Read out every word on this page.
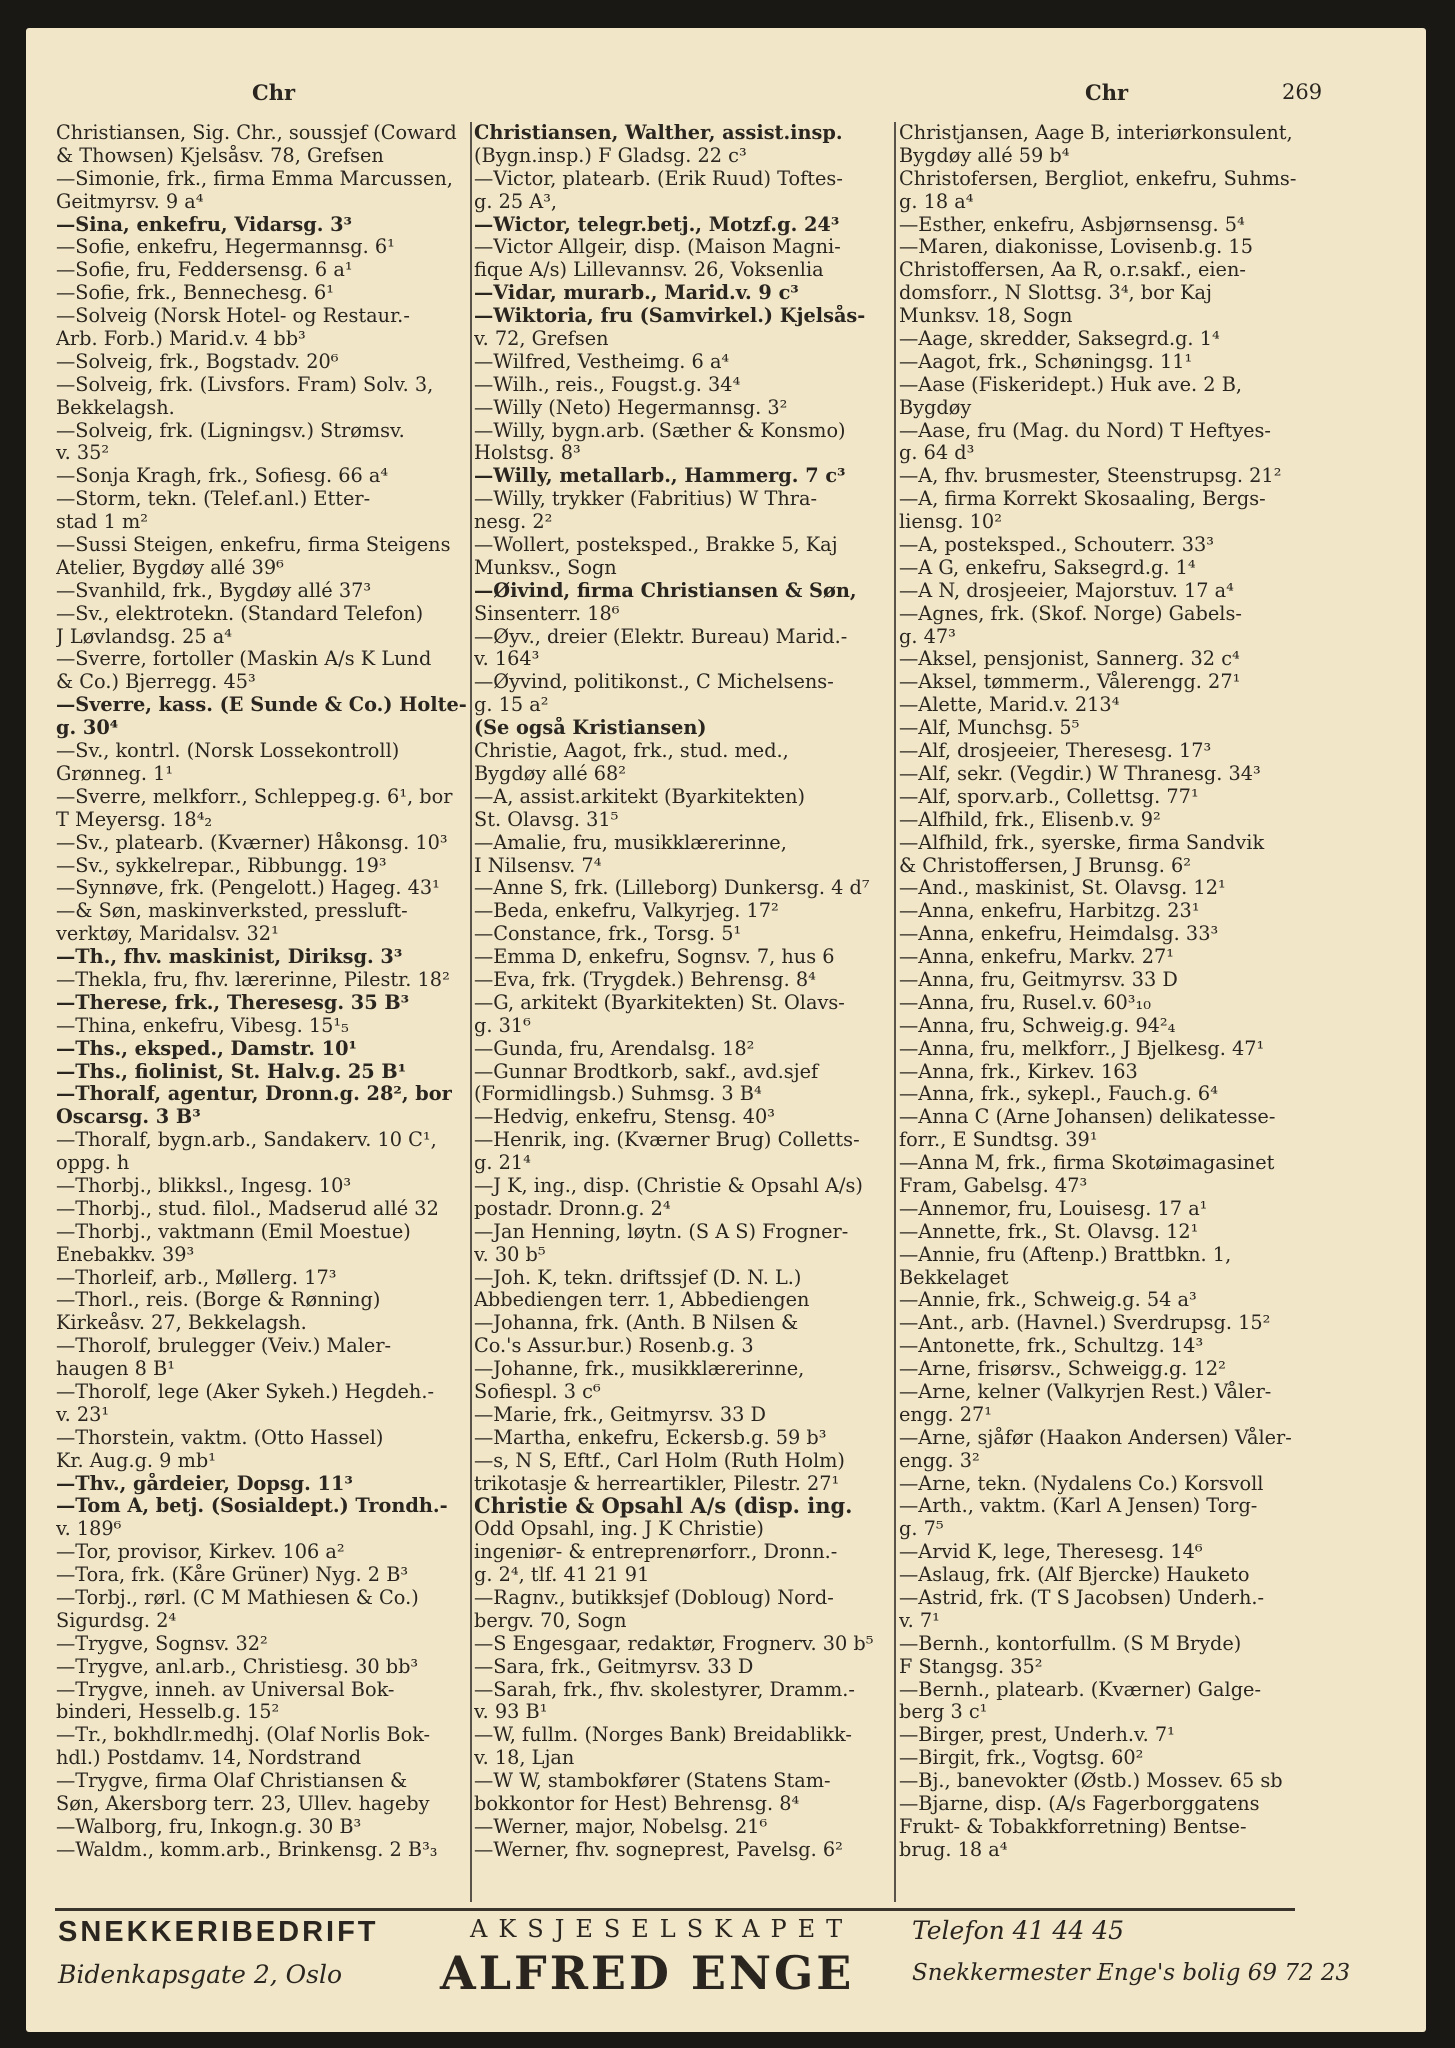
Chr	Chr	269
Christiansen, Sig. Chr., soussjef (Coward
& Thowsen) Kjelsåsv. 78, Grefsen
—Simonie, frk., firma Emma Marcussen,
Geitmyrsv. 9 a⁴
—Sina, enkefru, Vidarsg. 3³
—Sofie, enkefru, Hegermannsg. 6¹
—Sofie, fru, Feddersensg. 6 a¹
—Sofie, frk., Bennechesg. 6¹
—Solveig (Norsk Hotel- og Restaur.-
Arb. Forb.) Marid.v. 4 bb³
—Solveig, frk., Bogstadv. 20⁶
—Solveig, frk. (Livsfors. Fram) Solv. 3,
Bekkelagsh.
—Solveig, frk. (Ligningsv.) Strømsv.
v. 35²
—Sonja Kragh, frk., Sofiesg. 66 a⁴
—Storm, tekn. (Telef.anl.) Etter-
stad 1 m²
—Sussi Steigen, enkefru, firma Steigens
Atelier, Bygdøy allé 39⁶
—Svanhild, frk., Bygdøy allé 37³
—Sv., elektrotekn. (Standard Telefon)
J Løvlandsg. 25 a⁴
—Sverre, fortoller (Maskin A/s K Lund
& Co.) Bjerregg. 45³
—Sverre, kass. (E Sunde & Co.) Holte-
g. 30⁴
—Sv., kontrl. (Norsk Lossekontroll)
Grønneg. 1¹
—Sverre, melkforr., Schleppeg.g. 6¹, bor
T Meyersg. 18⁴₂
—Sv., platearb. (Kværner) Håkonsg. 10³
—Sv., sykkelrepar., Ribbungg. 19³
—Synnøve, frk. (Pengelott.) Hageg. 43¹
—& Søn, maskinverksted, pressluft-
verktøy, Maridalsv. 32¹
—Th., fhv. maskinist, Diriksg. 3³
—Thekla, fru, fhv. lærerinne, Pilestr. 18²
—Therese, frk., Theresesg. 35 B³
—Thina, enkefru, Vibesg. 15¹₅
—Ths., eksped., Damstr. 10¹
—Ths., fiolinist, St. Halv.g. 25 B¹
—Thoralf, agentur, Dronn.g. 28², bor
Oscarsg. 3 B³
—Thoralf, bygn.arb., Sandakerv. 10 C¹,
oppg. h
—Thorbj., blikksl., Ingesg. 10³
—Thorbj., stud. filol., Madserud allé 32
—Thorbj., vaktmann (Emil Moestue)
Enebakkv. 39³
—Thorleif, arb., Møllerg. 17³
—Thorl., reis. (Borge & Rønning)
Kirkeåsv. 27, Bekkelagsh.
—Thorolf, brulegger (Veiv.) Maler-
haugen 8 B¹
—Thorolf, lege (Aker Sykeh.) Hegdeh.-
v. 23¹
—Thorstein, vaktm. (Otto Hassel)
Kr. Aug.g. 9 mb¹
—Thv., gårdeier, Dopsg. 11³
—Tom A, betj. (Sosialdept.) Trondh.-
v. 189⁶
—Tor, provisor, Kirkev. 106 a²
—Tora, frk. (Kåre Grüner) Nyg. 2 B³
—Torbj., rørl. (C M Mathiesen & Co.)
Sigurdsg. 2⁴
—Trygve, Sognsv. 32²
—Trygve, anl.arb., Christiesg. 30 bb³
—Trygve, inneh. av Universal Bok-
binderi, Hesselb.g. 15²
—Tr., bokhdlr.medhj. (Olaf Norlis Bok-
hdl.) Postdamv. 14, Nordstrand
—Trygve, firma Olaf Christiansen &
Søn, Akersborg terr. 23, Ullev. hageby
—Walborg, fru, Inkogn.g. 30 B³
—Waldm., komm.arb., Brinkensg. 2 B³₃
Christiansen, Walther, assist.insp.
(Bygn.insp.) F Gladsg. 22 c³
—Victor, platearb. (Erik Ruud) Toftes-
g. 25 A³,
—Wictor, telegr.betj., Motzf.g. 24³
—Victor Allgeir, disp. (Maison Magni-
fique A/s) Lillevannsv. 26, Voksenlia
—Vidar, murarb., Marid.v. 9 c³
—Wiktoria, fru (Samvirkel.) Kjelsås-
v. 72, Grefsen
—Wilfred, Vestheimg. 6 a⁴
—Wilh., reis., Fougst.g. 34⁴
—Willy (Neto) Hegermannsg. 3²
—Willy, bygn.arb. (Sæther & Konsmo)
Holstsg. 8³
—Willy, metallarb., Hammerg. 7 c³
—Willy, trykker (Fabritius) W Thra-
nesg. 2²
—Wollert, posteksped., Brakke 5, Kaj
Munksv., Sogn
—Øivind, firma Christiansen & Søn,
Sinsenterr. 18⁶
—Øyv., dreier (Elektr. Bureau) Marid.-
v. 164³
—Øyvind, politikonst., C Michelsens-
g. 15 a²
(Se også Kristiansen)
Christie, Aagot, frk., stud. med.,
Bygdøy allé 68²
—A, assist.arkitekt (Byarkitekten)
St. Olavsg. 31⁵
—Amalie, fru, musikklærerinne,
I Nilsensv. 7⁴
—Anne S, frk. (Lilleborg) Dunkersg. 4 d⁷
—Beda, enkefru, Valkyrjeg. 17²
—Constance, frk., Torsg. 5¹
—Emma D, enkefru, Sognsv. 7, hus 6
—Eva, frk. (Trygdek.) Behrensg. 8⁴
—G, arkitekt (Byarkitekten) St. Olavs-
g. 31⁶
—Gunda, fru, Arendalsg. 18²
—Gunnar Brodtkorb, sakf., avd.sjef
(Formidlingsb.) Suhmsg. 3 B⁴
—Hedvig, enkefru, Stensg. 40³
—Henrik, ing. (Kværner Brug) Colletts-
g. 21⁴
—J K, ing., disp. (Christie & Opsahl A/s)
postadr. Dronn.g. 2⁴
—Jan Henning, løytn. (S A S) Frogner-
v. 30 b⁵
—Joh. K, tekn. driftssjef (D. N. L.)
Abbediengen terr. 1, Abbediengen
—Johanna, frk. (Anth. B Nilsen &
Co.'s Assur.bur.) Rosenb.g. 3
—Johanne, frk., musikklærerinne,
Sofiespl. 3 c⁶
—Marie, frk., Geitmyrsv. 33 D
—Martha, enkefru, Eckersb.g. 59 b³
—s, N S, Eftf., Carl Holm (Ruth Holm)
trikotasje & herreartikler, Pilestr. 27¹
Christie & Opsahl A/s (disp. ing.
Odd Opsahl, ing. J K Christie)
ingeniør- & entreprenørforr., Dronn.-
g. 2⁴, tlf. 41 21 91
—Ragnv., butikksjef (Dobloug) Nord-
bergv. 70, Sogn
—S Engesgaar, redaktør, Frognerv. 30 b⁵
—Sara, frk., Geitmyrsv. 33 D
—Sarah, frk., fhv. skolestyrer, Dramm.-
v. 93 B¹
—W, fullm. (Norges Bank) Breidablikk-
v. 18, Ljan
—W W, stambokfører (Statens Stam-
bokkontor for Hest) Behrensg. 8⁴
—Werner, major, Nobelsg. 21⁶
—Werner, fhv. sogneprest, Pavelsg. 6²
Christjansen, Aage B, interiørkonsulent,
Bygdøy allé 59 b⁴
Christofersen, Bergliot, enkefru, Suhms-
g. 18 a⁴
—Esther, enkefru, Asbjørnsensg. 5⁴
—Maren, diakonisse, Lovisenb.g. 15
Christoffersen, Aa R, o.r.sakf., eien-
domsforr., N Slottsg. 3⁴, bor Kaj
Munksv. 18, Sogn
—Aage, skredder, Saksegrd.g. 1⁴
—Aagot, frk., Schøningsg. 11¹
—Aase (Fiskeridept.) Huk ave. 2 B,
Bygdøy
—Aase, fru (Mag. du Nord) T Heftyes-
g. 64 d³
—A, fhv. brusmester, Steenstrupsg. 21²
—A, firma Korrekt Skosaaling, Bergs-
liensg. 10²
—A, posteksped., Schouterr. 33³
—A G, enkefru, Saksegrd.g. 1⁴
—A N, drosjeeier, Majorstuv. 17 a⁴
—Agnes, frk. (Skof. Norge) Gabels-
g. 47³
—Aksel, pensjonist, Sannerg. 32 c⁴
—Aksel, tømmerm., Vålerengg. 27¹
—Alette, Marid.v. 213⁴
—Alf, Munchsg. 5⁵
—Alf, drosjeeier, Theresesg. 17³
—Alf, sekr. (Vegdir.) W Thranesg. 34³
—Alf, sporv.arb., Collettsg. 77¹
—Alfhild, frk., Elisenb.v. 9²
—Alfhild, frk., syerske, firma Sandvik
& Christoffersen, J Brunsg. 6²
—And., maskinist, St. Olavsg. 12¹
—Anna, enkefru, Harbitzg. 23¹
—Anna, enkefru, Heimdalsg. 33³
—Anna, enkefru, Markv. 27¹
—Anna, fru, Geitmyrsv. 33 D
—Anna, fru, Rusel.v. 60³₁₀
—Anna, fru, Schweig.g. 94²₄
—Anna, fru, melkforr., J Bjelkesg. 47¹
—Anna, frk., Kirkev. 163
—Anna, frk., sykepl., Fauch.g. 6⁴
—Anna C (Arne Johansen) delikatesse-
forr., E Sundtsg. 39¹
—Anna M, frk., firma Skotøimagasinet
Fram, Gabelsg. 47³
—Annemor, fru, Louisesg. 17 a¹
—Annette, frk., St. Olavsg. 12¹
—Annie, fru (Aftenp.) Brattbkn. 1,
Bekkelaget
—Annie, frk., Schweig.g. 54 a³
—Ant., arb. (Havnel.) Sverdrupsg. 15²
—Antonette, frk., Schultzg. 14³
—Arne, frisørsv., Schweigg.g. 12²
—Arne, kelner (Valkyrjen Rest.) Våler-
engg. 27¹
—Arne, sjåfør (Haakon Andersen) Våler-
engg. 3²
—Arne, tekn. (Nydalens Co.) Korsvoll
—Arth., vaktm. (Karl A Jensen) Torg-
g. 7⁵
—Arvid K, lege, Theresesg. 14⁶
—Aslaug, frk. (Alf Bjercke) Hauketo
—Astrid, frk. (T S Jacobsen) Underh.-
v. 7¹
—Bernh., kontorfullm. (S M Bryde)
F Stangsg. 35²
—Bernh., platearb. (Kværner) Galge-
berg 3 c¹
—Birger, prest, Underh.v. 7¹
—Birgit, frk., Vogtsg. 60²
—Bj., banevokter (Østb.) Mossev. 65 sb
—Bjarne, disp. (A/s Fagerborggatens
Frukt- & Tobakkforretning) Bentse-
brug. 18 a⁴
SNEKKERIBEDRIFT
Bidenkapsgate 2, Oslo
AKSJESELSKAPET
ALFRED ENGE
Telefon 41 44 45
Snekkermester Enge's bolig 69 72 23
